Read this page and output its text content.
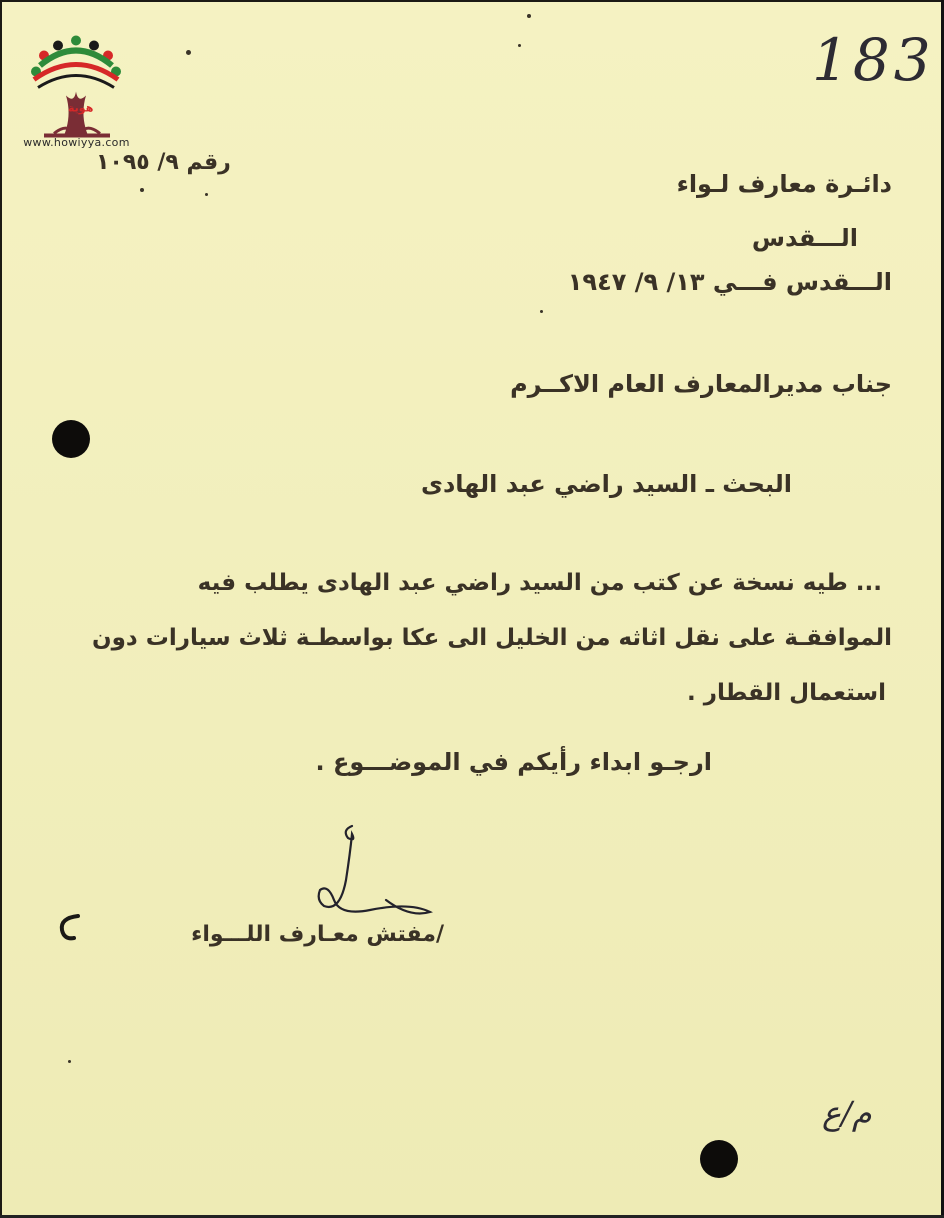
هوية
www.howiyya.com
183
رقم ٩/ ١٠٩٥
دائـرة معارف لـواء
الـــقدس
الـــقدس فـــي ١٣/ ٩/ ١٩٤٧
جناب مديرالمعارف العام الاكــرم
البحث ـ السيد راضي عبد الهادى
... طيه نسخة عن كتب من السيد راضي عبد الهادى يطلب فيه
الموافقـة على نقل اثاثه من الخليل الى عكا بواسطـة ثلاث سيارات دون
استعمال القطار .
ارجـو ابداء رأيكم في الموضـــوع .
/مفتش معـارف اللـــواء
م/ع
